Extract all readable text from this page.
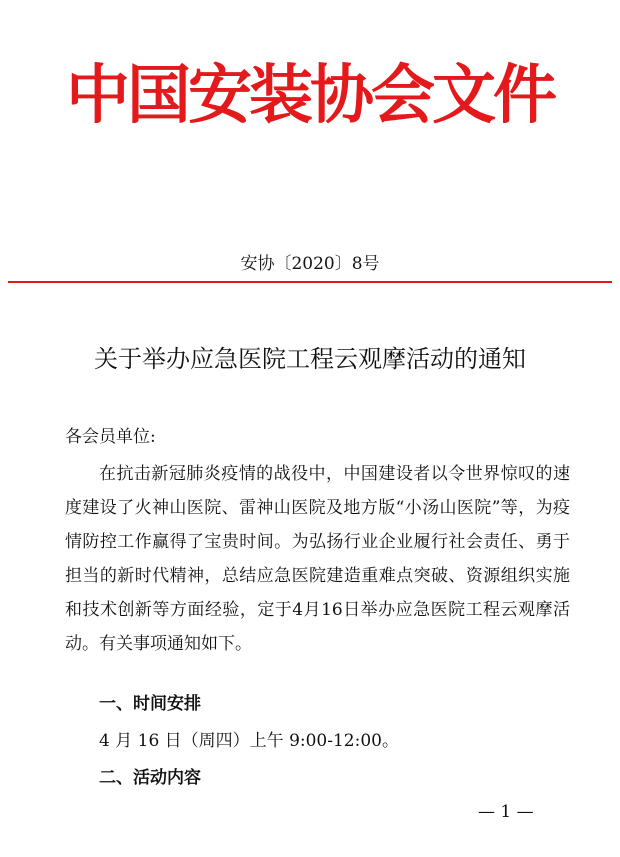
中国安装协会文件
安协〔2020〕8号
关于举办应急医院工程云观摩活动的通知
各会员单位:
在抗击新冠肺炎疫情的战役中，中国建设者以令世界惊叹的速度建设了火神山医院、雷神山医院及地方版“小汤山医院”等，为疫情防控工作赢得了宝贵时间。为弘扬行业企业履行社会责任、勇于担当的新时代精神，总结应急医院建造重难点突破、资源组织实施和技术创新等方面经验，定于4月16日举办应急医院工程云观摩活动。有关事项通知如下。
一、时间安排
4 月 16 日（周四）上午 9:00-12:00。
二、活动内容
— 1 —
